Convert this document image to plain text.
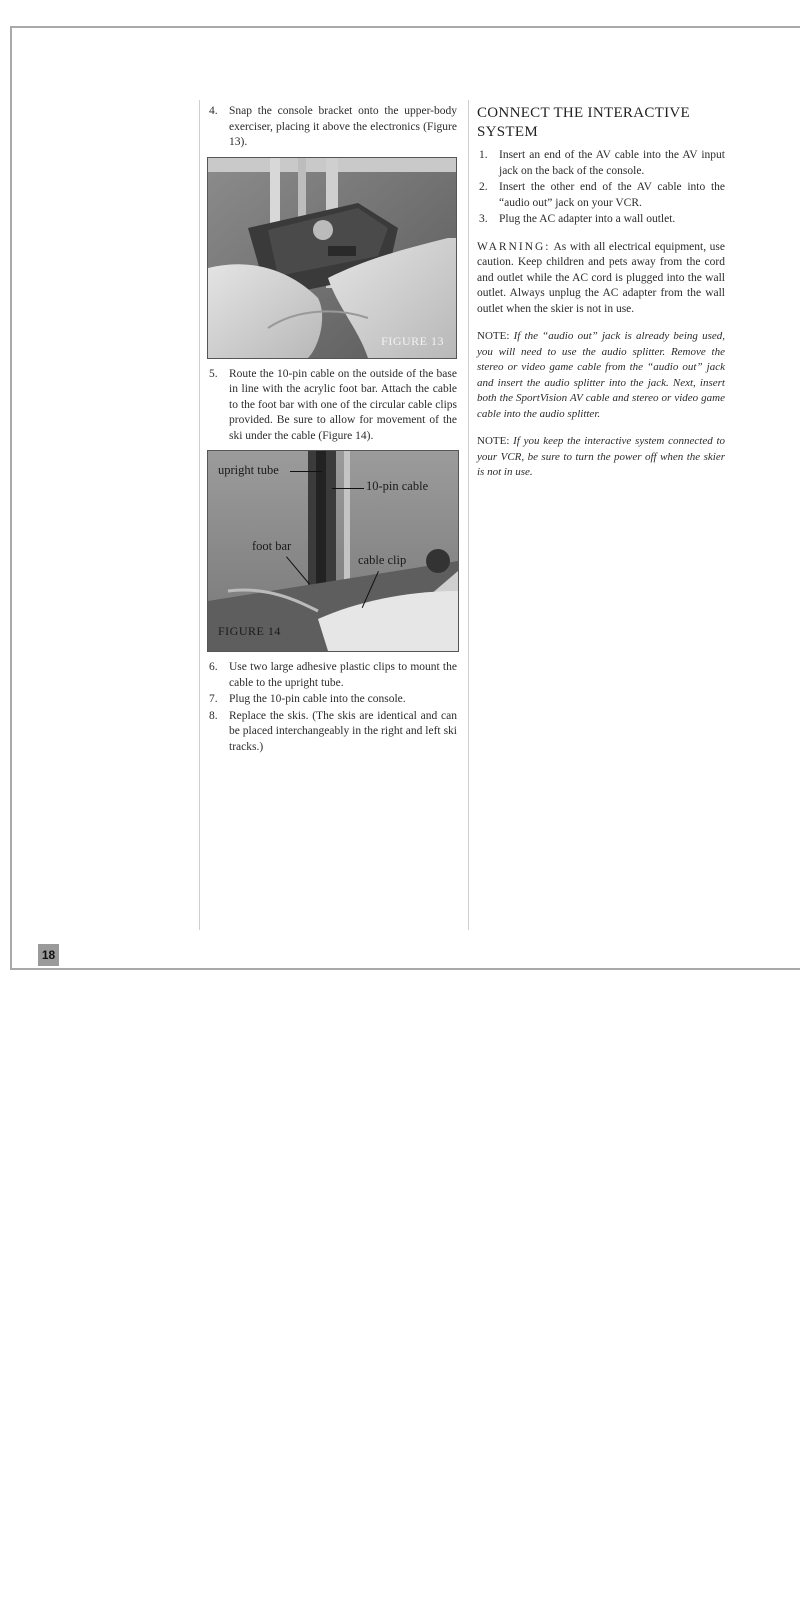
4. Snap the console bracket onto the upper-body exerciser, placing it above the electronics (Figure 13).
FIGURE 13
5. Route the 10-pin cable on the outside of the base in line with the acrylic foot bar. Attach the cable to the foot bar with one of the circular cable clips provided. Be sure to allow for movement of the ski under the cable (Figure 14).
upright tube
10-pin cable
foot bar
cable clip
FIGURE 14
6. Use two large adhesive plastic clips to mount the cable to the upright tube.
7. Plug the 10-pin cable into the console.
8. Replace the skis. (The skis are identical and can be placed interchangeably in the right and left ski tracks.)
CONNECT THE INTERACTIVE SYSTEM
1. Insert an end of the AV cable into the AV input jack on the back of the console.
2. Insert the other end of the AV cable into the “audio out” jack on your VCR.
3. Plug the AC adapter into a wall outlet.

WARNING: As with all electrical equipment, use caution. Keep children and pets away from the cord and outlet while the AC cord is plugged into the wall outlet. Always unplug the AC adapter from the wall outlet when the skier is not in use.

NOTE: If the “audio out” jack is already being used, you will need to use the audio splitter. Remove the stereo or video game cable from the “audio out” jack and insert the audio splitter into the jack. Next, insert both the SportVision AV cable and stereo or video game cable into the audio splitter.

NOTE: If you keep the interactive system connected to your VCR, be sure to turn the power off when the skier is not in use.

18
